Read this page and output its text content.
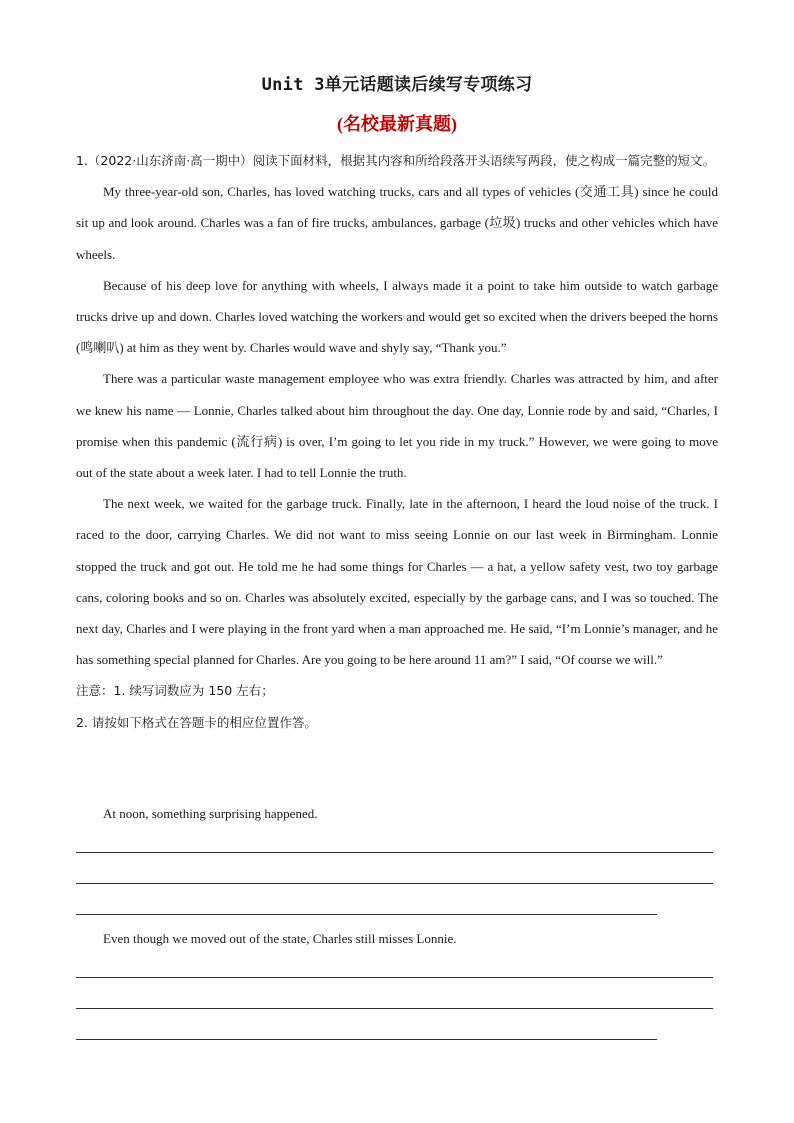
Unit 3单元话题读后续写专项练习
(名校最新真题)

1.（2022·山东济南·高一期中）阅读下面材料，根据其内容和所给段落开头语续写两段，使之构成一篇完整的短文。

My three-year-old son, Charles, has loved watching trucks, cars and all types of vehicles (交通工具) since he could sit up and look around. Charles was a fan of fire trucks, ambulances, garbage (垃圾) trucks and other vehicles which have wheels.

Because of his deep love for anything with wheels, I always made it a point to take him outside to watch garbage trucks drive up and down. Charles loved watching the workers and would get so excited when the drivers beeped the horns (鸣喇叭) at him as they went by. Charles would wave and shyly say, “Thank you.”

There was a particular waste management employee who was extra friendly. Charles was attracted by him, and after we knew his name — Lonnie, Charles talked about him throughout the day. One day, Lonnie rode by and said, “Charles, I promise when this pandemic (流行病) is over, I’m going to let you ride in my truck.” However, we were going to move out of the state about a week later. I had to tell Lonnie the truth.

The next week, we waited for the garbage truck. Finally, late in the afternoon, I heard the loud noise of the truck. I raced to the door, carrying Charles. We did not want to miss seeing Lonnie on our last week in Birmingham. Lonnie stopped the truck and got out. He told me he had some things for Charles — a hat, a yellow safety vest, two toy garbage cans, coloring books and so on. Charles was absolutely excited, especially by the garbage cans, and I was so touched. The next day, Charles and I were playing in the front yard when a man approached me. He said, “I’m Lonnie’s manager, and he has something special planned for Charles. Are you going to be here around 11 am?” I said, “Of course we will.”

注意：1. 续写词数应为 150 左右；

2. 请按如下格式在答题卡的相应位置作答。

At noon, something surprising happened.
Even though we moved out of the state, Charles still misses Lonnie.
